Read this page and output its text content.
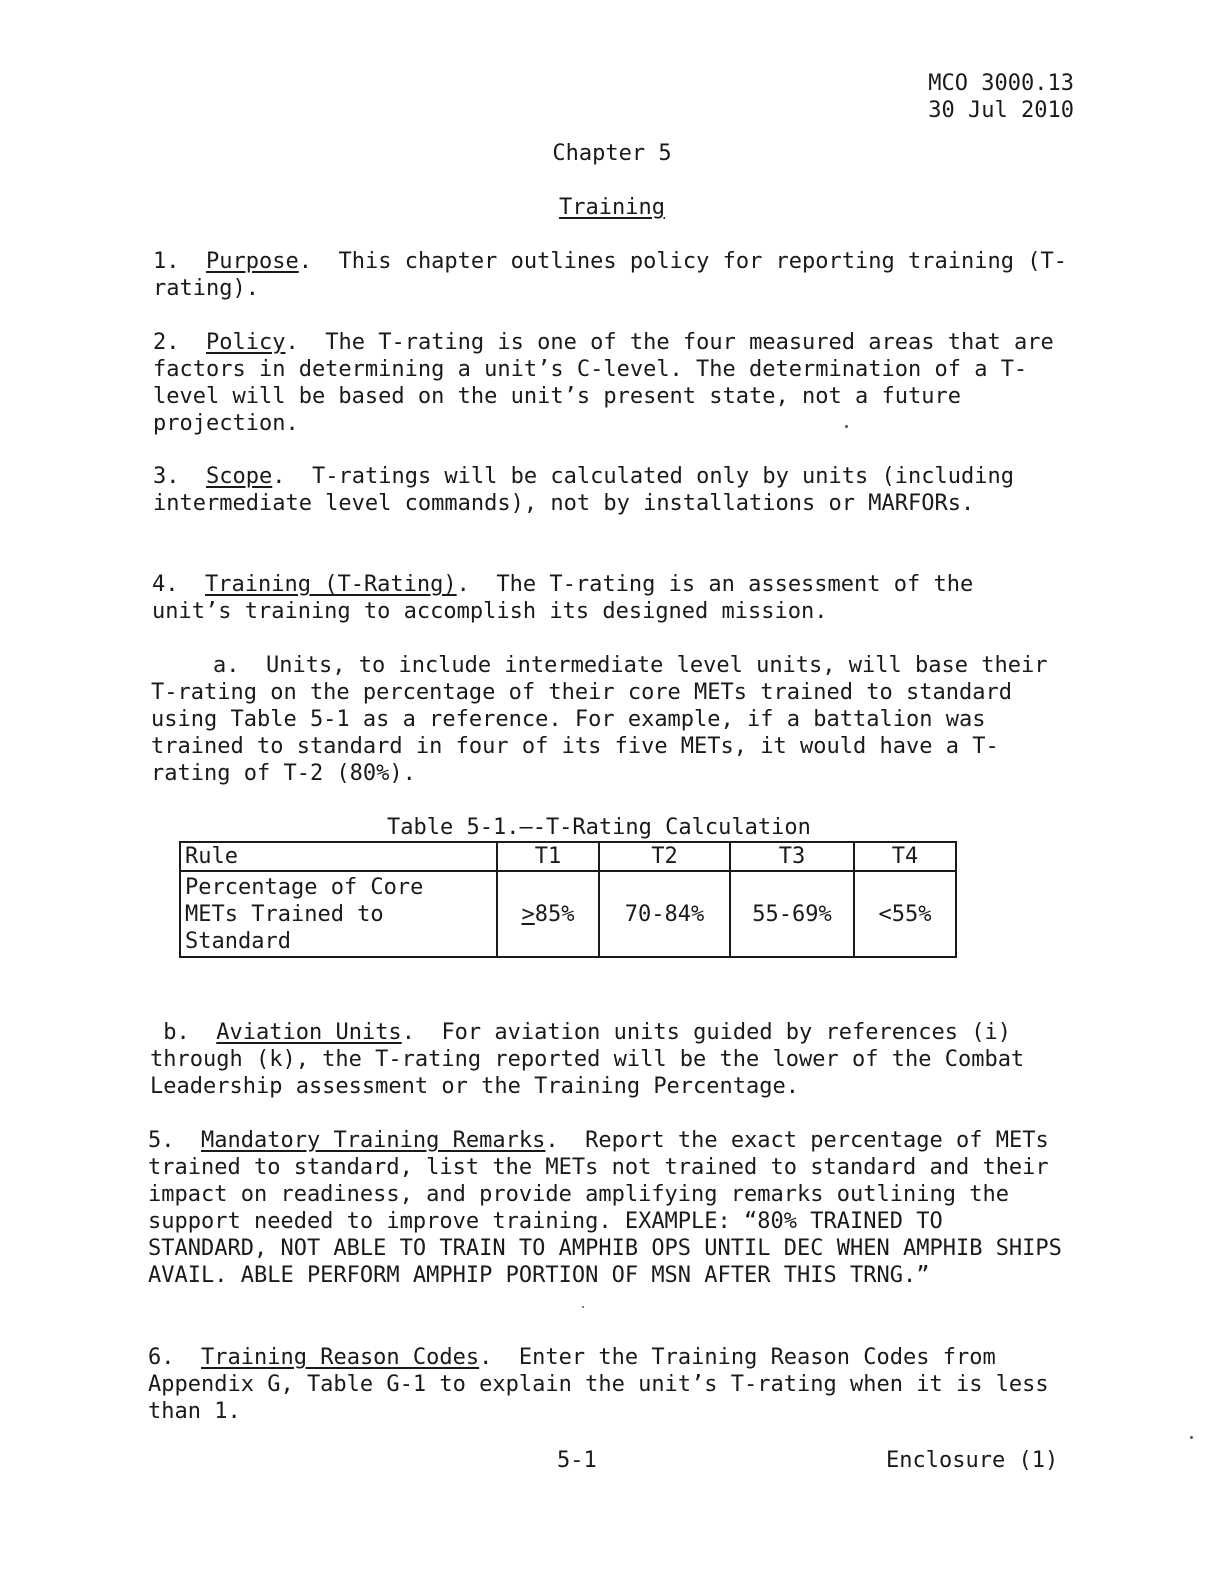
MCO 3000.13
30 Jul 2010
Chapter 5
Training

1. Purpose.  This chapter outlines policy for reporting training (T-rating).

2. Policy.  The T-rating is one of the four measured areas that are factors in determining a unit’s C-level. The determination of a T-level will be based on the unit’s present state, not a future projection.

3. Scope.  T-ratings will be calculated only by units (including intermediate level commands), not by installations or MARFORs.

4. Training (T-Rating).  The T-rating is an assessment of the unit’s training to accomplish its designed mission.

a. Units, to include intermediate level units, will base their T-rating on the percentage of their core METs trained to standard using Table 5-1 as a reference. For example, if a battalion was trained to standard in four of its five METs, it would have a T-rating of T-2 (80%).

Table 5-1.—-T-Rating Calculation
Rule	T1	T2	T3	T4

Percentage of Core
METs Trained to
Standard	>85%	70-84%	55-69%	<55%

b. Aviation Units.  For aviation units guided by references (i) through (k), the T-rating reported will be the lower of the Combat Leadership assessment or the Training Percentage.

5. Mandatory Training Remarks.  Report the exact percentage of METs trained to standard, list the METs not trained to standard and their impact on readiness, and provide amplifying remarks outlining the support needed to improve training. EXAMPLE: “80% TRAINED TO STANDARD, NOT ABLE TO TRAIN TO AMPHIB OPS UNTIL DEC WHEN AMPHIB SHIPS AVAIL. ABLE PERFORM AMPHIP PORTION OF MSN AFTER THIS TRNG.”

6. Training Reason Codes.  Enter the Training Reason Codes from Appendix G, Table G-1 to explain the unit’s T-rating when it is less than 1.

5-1	Enclosure (1)
